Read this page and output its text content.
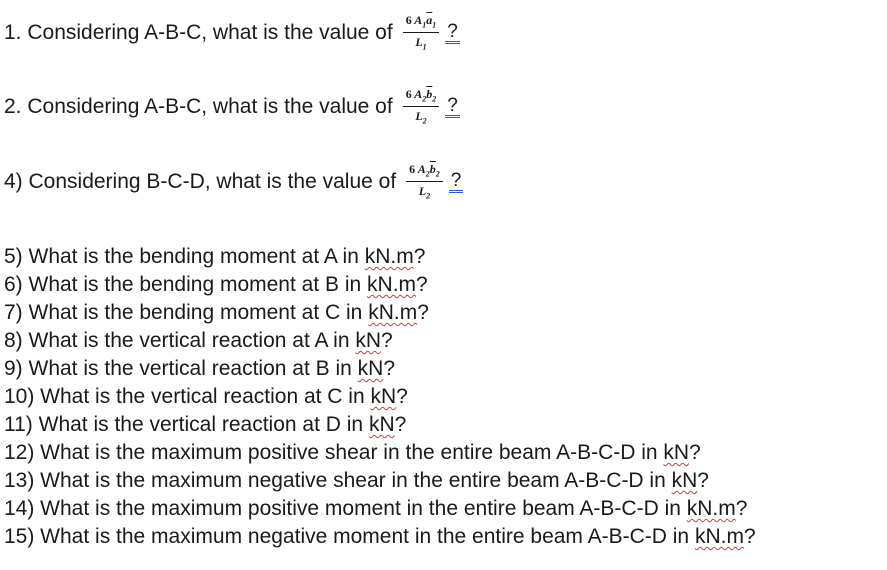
1. Considering A-B-C, what is the value of $\frac{6 A_1\overline{a}_1}{L_1}$ ?
2. Considering A-B-C, what is the value of $\frac{6 A_2\overline{b}_2}{L_2}$ ?
4) Considering B-C-D, what is the value of $\frac{6 A_2\overline{b}_2}{L_2}$ ?
5) What is the bending moment at A in kN.m?
6) What is the bending moment at B in kN.m?
7) What is the bending moment at C in kN.m?
8) What is the vertical reaction at A in kN?
9) What is the vertical reaction at B in kN?
10) What is the vertical reaction at C in kN?
11) What is the vertical reaction at D in kN?
12) What is the maximum positive shear in the entire beam A-B-C-D in kN?
13) What is the maximum negative shear in the entire beam A-B-C-D in kN?
14) What is the maximum positive moment in the entire beam A-B-C-D in kN.m?
15) What is the maximum negative moment in the entire beam A-B-C-D in kN.m?
